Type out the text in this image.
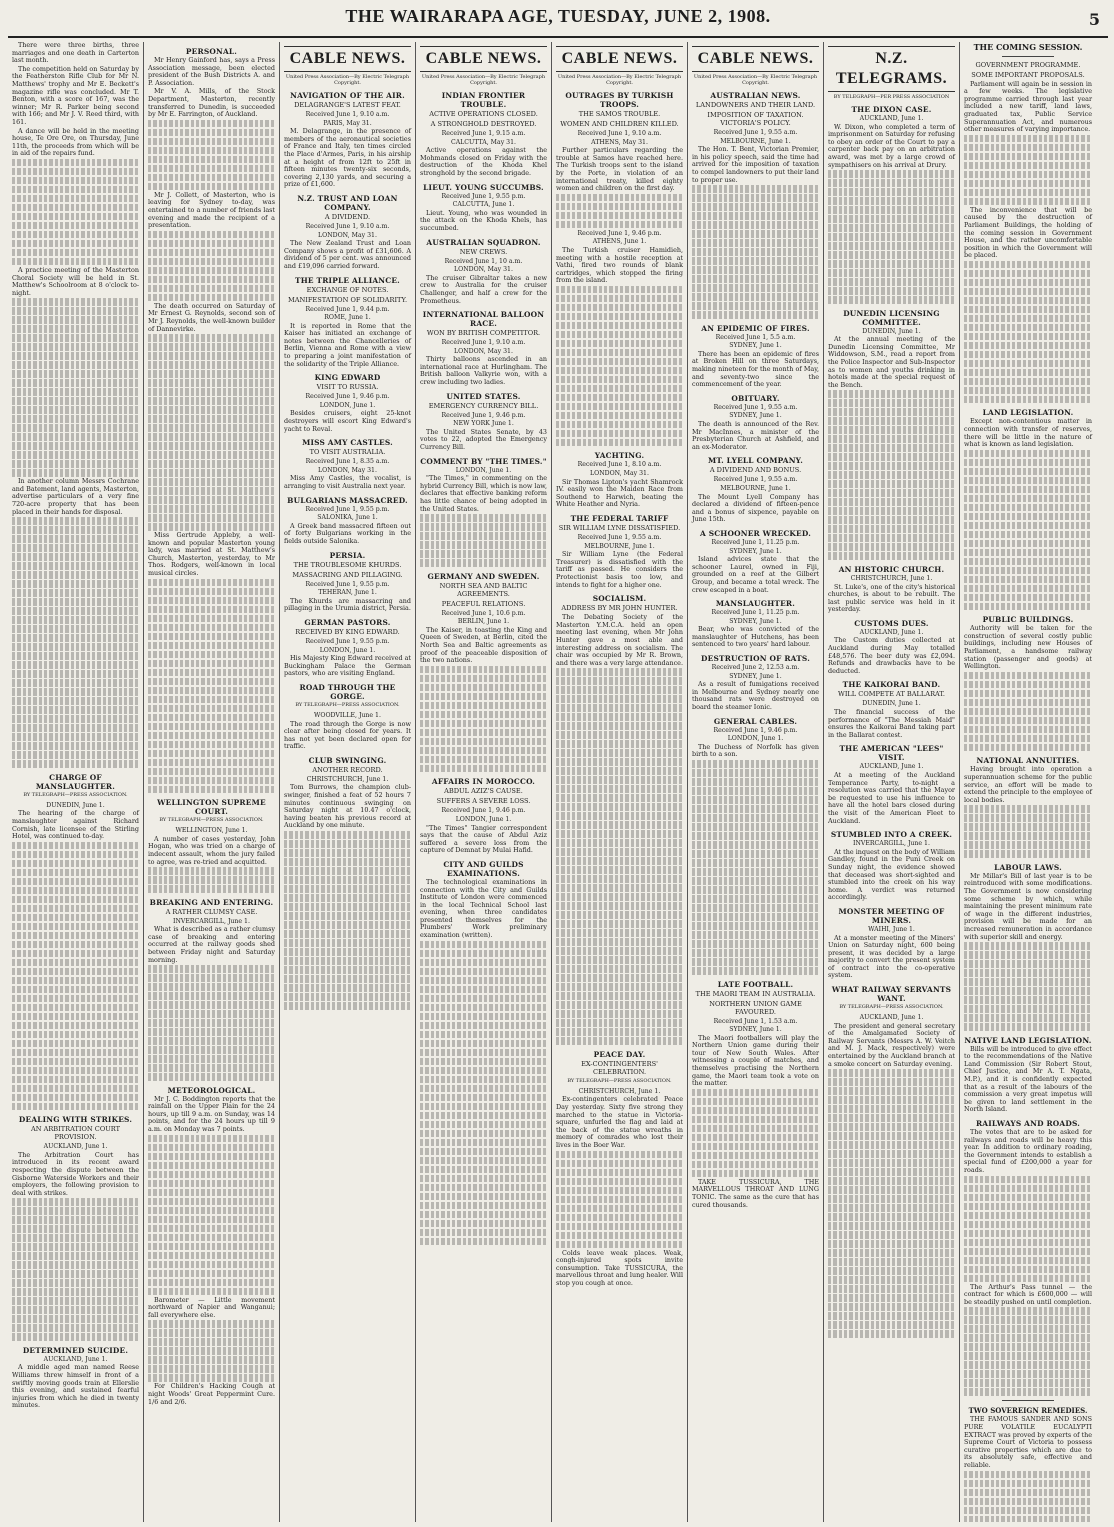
THE WAIRARAPA AGE, TUESDAY, JUNE 2, 1908.	5

There were three births, three marriages and one death in Carterton last month.

The competition held on Saturday by the Featherston Rifle Club for Mr N. Matthews' trophy and Mr E. Beckett's magazine rifle was concluded. Mr T. Benton, with a score of 167, was the winner; Mr R. Parker being second with 166; and Mr J. V. Reed third, with 161.

A dance will be held in the meeting house, Te Ore Ore, on Thursday, June 11th, the proceeds from which will be in aid of the repairs fund.

A practice meeting of the Masterton Choral Society will be held in St. Matthew's Schoolroom at 8 o'clock to-night.

In another column Messrs Cochrane and Batement, land agents, Masterton, advertise particulars of a very fine 720-acre property that has been placed in their hands for disposal.

CHARGE OF MANSLAUGHTER.
BY TELEGRAPH—PRESS ASSOCIATION.
DUNEDIN, June 1.

The hearing of the charge of manslaughter against Richard Cornish, late licensee of the Stirling Hotel, was continued to-day.

DEALING WITH STRIKES.
AN ARBITRATION COURT PROVISION.
AUCKLAND, June 1.

The Arbitration Court has introduced in its recent award respecting the dispute between the Gisborne Waterside Workers and their employers, the following provision to deal with strikes.

DETERMINED SUICIDE.
AUCKLAND, June 1.

A middle aged man named Reese Williams threw himself in front of a swiftly moving goods train at Ellerslie this evening, and sustained fearful injuries from which he died in twenty minutes.

PERSONAL.

Mr Henry Gainford has, says a Press Association message, been elected president of the Bush Districts A. and P. Association.

Mr V. A. Mills, of the Stock Department, Masterton, recently transferred to Dunedin, is succeeded by Mr E. Farrington, of Auckland.

Mr J. Collett, of Masterton, who is leaving for Sydney to-day, was entertained to a number of friends last evening and made the recipient of a presentation.

The death occurred on Saturday of Mr Ernest G. Reynolds, second son of Mr J. Reynolds, the well-known builder of Dannevirke.

Miss Gertrude Appleby, a well-known and popular Masterton young lady, was married at St. Matthew's Church, Masterton, yesterday, to Mr Thos. Rodgers, well-known in local musical circles.

WELLINGTON SUPREME COURT.
BY TELEGRAPH—PRESS ASSOCIATION.
WELLINGTON, June 1.

A number of cases yesterday, John Hogan, who was tried on a charge of indecent assault, whom the jury failed to agree, was re-tried and acquitted.

BREAKING AND ENTERING.
A RATHER CLUMSY CASE.
INVERCARGILL, June 1.

What is described as a rather clumsy case of breaking and entering occurred at the railway goods shed between Friday night and Saturday morning.

METEOROLOGICAL.

Mr J. C. Boddington reports that the rainfall on the Upper Plain for the 24 hours, up till 9 a.m. on Sunday, was 14 points, and for the 24 hours up till 9 a.m. on Monday was 7 points.

Barometer — Little movement northward of Napier and Wanganui; fall everywhere else.

For Children's Hacking Cough at night Woods' Great Peppermint Cure. 1/6 and 2/6.

CABLE NEWS.
United Press Association—By Electric Telegraph Copyright.
NAVIGATION OF THE AIR.
DELAGRANGE'S LATEST FEAT.
Received June 1, 9.10 a.m.
PARIS, May 31.

M. Delagrange, in the presence of members of the aeronautical societies of France and Italy, ten times circled the Place d'Armes, Paris, in his airship at a height of from 12ft to 25ft in fifteen minutes twenty-six seconds, covering 2,130 yards, and securing a prize of £1,600.

N.Z. TRUST AND LOAN COMPANY.
A DIVIDEND.
Received June 1, 9.10 a.m.
LONDON, May 31.

The New Zealand Trust and Loan Company shows a profit of £31,606. A dividend of 5 per cent. was announced and £19,096 carried forward.

THE TRIPLE ALLIANCE.
EXCHANGE OF NOTES.
MANIFESTATION OF SOLIDARITY.
Received June 1, 9.44 p.m.
ROME, June 1.

It is reported in Rome that the Kaiser has initiated an exchange of notes between the Chancelleries of Berlin, Vienna and Rome with a view to preparing a joint manifestation of the solidarity of the Triple Alliance.

KING EDWARD
VISIT TO RUSSIA.
Received June 1, 9.46 p.m.
LONDON, June 1.

Besides cruisers, eight 25-knot destroyers will escort King Edward's yacht to Reval.

MISS AMY CASTLES.
TO VISIT AUSTRALIA.
Received June 1, 8.35 a.m.
LONDON, May 31.

Miss Amy Castles, the vocalist, is arranging to visit Australia next year.

BULGARIANS MASSACRED.
Received June 1, 9.55 p.m.
SALONIKA, June 1.

A Greek band massacred fifteen out of forty Bulgarians working in the fields outside Salonika.

PERSIA.
THE TROUBLESOME KHURDS.
MASSACRING AND PILLAGING.
Received June 1, 9.55 p.m.
TEHERAN, June 1.

The Khurds are massacring and pillaging in the Urumia district, Persia.

GERMAN PASTORS.
RECEIVED BY KING EDWARD.
Received June 1, 9.55 p.m.
LONDON, June 1.

His Majesty King Edward received at Buckingham Palace the German pastors, who are visiting England.

ROAD THROUGH THE GORGE.
BY TELEGRAPH—PRESS ASSOCIATION.
WOODVILLE, June 1.

The road through the Gorge is now clear after being closed for years. It has not yet been declared open for traffic.

CLUB SWINGING.
ANOTHER RECORD.
CHRISTCHURCH, June 1.

Tom Burrows, the champion club-swinger, finished a feat of 52 hours 7 minutes continuous swinging on Saturday night at 10.47 o'clock, having beaten his previous record at Auckland by one minute.

CABLE NEWS.
United Press Association—By Electric Telegraph Copyright.
INDIAN FRONTIER TROUBLE.
ACTIVE OPERATIONS CLOSED.
A STRONGHOLD DESTROYED.
Received June 1, 9.15 a.m.
CALCUTTA, May 31.

Active operations against the Mohmands closed on Friday with the destruction of the Khoda Khel stronghold by the second brigade.

LIEUT. YOUNG SUCCUMBS.
Received June 1, 9.55 p.m.
CALCUTTA, June 1.

Lieut. Young, who was wounded in the attack on the Khoda Khels, has succumbed.

AUSTRALIAN SQUADRON.
NEW CREWS.
Received June 1, 10 a.m.
LONDON, May 31.

The cruiser Gibraltar takes a new crew to Australia for the cruiser Challenger, and half a crew for the Prometheus.

INTERNATIONAL BALLOON RACE.
WON BY BRITISH COMPETITOR.
Received June 1, 9.10 a.m.
LONDON, May 31.

Thirty balloons ascended in an international race at Hurlingham. The British balloon Valkyrie won, with a crew including two ladies.

UNITED STATES.
EMERGENCY CURRENCY BILL.
Received June 1, 9.46 p.m.
NEW YORK June 1.

The United States Senate, by 43 votes to 22, adopted the Emergency Currency Bill.

COMMENT BY "THE TIMES."
LONDON, June 1.

"The Times," in commenting on the hybrid Currency Bill, which is now law, declares that effective banking reform has little chance of being adopted in the United States.

GERMANY AND SWEDEN.
NORTH SEA AND BALTIC AGREEMENTS.
PEACEFUL RELATIONS.
Received June 1, 10.6 p.m.
BERLIN, June 1.

The Kaiser, in toasting the King and Queen of Sweden, at Berlin, cited the North Sea and Baltic agreements as proof of the peaceable disposition of the two nations.

AFFAIRS IN MOROCCO.
ABDUL AZIZ'S CAUSE.
SUFFERS A SEVERE LOSS.
Received June 1, 9.46 p.m.
LONDON, June 1.

"The Times" Tangier correspondent says that the cause of Abdul Aziz suffered a severe loss from the capture of Demnat by Mulai Hafid.

CITY AND GUILDS EXAMINATIONS.

The technological examinations in connection with the City and Guilds Institute of London were commenced in the local Technical School last evening, when three candidates presented themselves for the Plumbers' Work preliminary examination (written).

CABLE NEWS.
United Press Association—By Electric Telegraph Copyright.
OUTRAGES BY TURKISH TROOPS.
THE SAMOS TROUBLE.
WOMEN AND CHILDREN KILLED.
Received June 1, 9.10 a.m.
ATHENS, May 31.

Further particulars regarding the trouble at Samos have reached here. The Turkish troops sent to the island by the Porte, in violation of an international treaty, killed eighty women and children on the first day.

Received June 1, 9.46 p.m.
ATHENS, June 1.

The Turkish cruiser Hamidieh, meeting with a hostile reception at Vathi, fired two rounds of blank cartridges, which stopped the firing from the island.

YACHTING.
Received June 1, 8.10 a.m.
LONDON, May 31.

Sir Thomas Lipton's yacht Shamrock IV. easily won the Maiden Race from Southend to Harwich, beating the White Heather and Nyria.

THE FEDERAL TARIFF
SIR WILLIAM LYNE DISSATISFIED.
Received June 1, 9.55 a.m.
MELBOURNE, June 1.

Sir William Lyne (the Federal Treasurer) is dissatisfied with the tariff as passed. He considers the Protectionist basis too low, and intends to fight for a higher one.

SOCIALISM.
ADDRESS BY MR JOHN HUNTER.

The Debating Society of the Masterton Y.M.C.A. held an open meeting last evening, when Mr John Hunter gave a most able and interesting address on socialism. The chair was occupied by Mr R. Brown, and there was a very large attendance.

PEACE DAY.
EX-CONTINGENTERS' CELEBRATION.
BY TELEGRAPH—PRESS ASSOCIATION.
CHRISTCHURCH, June 1.

Ex-contingenters celebrated Peace Day yesterday. Sixty five strong they marched to the statue in Victoria-square, unfurled the flag and laid at the back of the statue wreaths in memory of comrades who lost their lives in the Boer War.

Colds leave weak places. Weak, congh-injured spots invite consumption. Take TUSSICURA, the marvellous throat and lung healer. Will stop you cough at once.

CABLE NEWS.
United Press Association—By Electric Telegraph Copyright.
AUSTRALIAN NEWS.
LANDOWNERS AND THEIR LAND.
IMPOSITION OF TAXATION. VICTORIA'S POLICY.
Received June 1, 9.55 a.m.
MELBOURNE, June 1.

The Hon. T. Bent, Victorian Premier, in his policy speech, said the time had arrived for the imposition of taxation to compel landowners to put their land to proper use.

AN EPIDEMIC OF FIRES.
Received June 1, 5.5 a.m.
SYDNEY, June 1.

There has been an epidemic of fires at Broken Hill on three Saturdays, making nineteen for the month of May, and seventy-two since the commencement of the year.

OBITUARY.
Received June 1, 9.55 a.m.
SYDNEY, June 1.

The death is announced of the Rev. Mr MacInnes, a minister of the Presbyterian Church at Ashfield, and an ex-Moderator.

MT. LYELL COMPANY.
A DIVIDEND AND BONUS.
Received June 1, 9.55 a.m.
MELBOURNE, June 1.

The Mount Lyell Company has declared a dividend of fifteen-pence and a bonus of sixpence, payable on June 15th.

A SCHOONER WRECKED.
Received June 1, 11.25 p.m.
SYDNEY, June 1.

Island advices state that the schooner Laurel, owned in Fiji, grounded on a reef at the Gilbert Group, and became a total wreck. The crew escaped in a boat.

MANSLAUGHTER.
Received June 1, 11.25 p.m.
SYDNEY, June 1.

Bear, who was convicted of the manslaughter of Hutchens, has been sentenced to two years' hard labour.

DESTRUCTION OF RATS.
Received June 2, 12.53 a.m.
SYDNEY, June 1.

As a result of fumigations received in Melbourne and Sydney nearly one thousand rats were destroyed on board the steamer Ionic.

GENERAL CABLES.
Received June 1, 9.46 p.m.
LONDON, June 1.

The Duchess of Norfolk has given birth to a son.

LATE FOOTBALL.
THE MAORI TEAM IN AUSTRALIA.
NORTHERN UNION GAME FAVOURED.
Received June 1, 1.53 a.m.
SYDNEY, June 1.

The Maori footballers will play the Northern Union game during their tour of New South Wales. After witnessing a couple of matches, and themselves practising the Northern game, the Maori team took a vote on the matter.

TAKE TUSSICURA, THE MARVELLOUS THROAT AND LUNG TONIC. The same as the cure that has cured thousands.

N.Z. TELEGRAMS.
BY TELEGRAPH—PER PRESS ASSOCIATION
THE DIXON CASE.
AUCKLAND, June 1.

W. Dixon, who completed a term of imprisonment on Saturday for refusing to obey an order of the Court to pay a carpenter back pay on an arbitration award, was met by a large crowd of sympathisers on his arrival at Drury.

DUNEDIN LICENSING COMMITTEE.
DUNEDIN, June 1.

At the annual meeting of the Dunedin Licensing Committee, Mr Widdowson, S.M., read a report from the Police Inspector and Sub-Inspector as to women and youths drinking in hotels made at the special request of the Bench.

AN HISTORIC CHURCH.
CHRISTCHURCH, June 1.

St. Luke's, one of the city's historical churches, is about to be rebuilt. The last public service was held in it yesterday.

CUSTOMS DUES.
AUCKLAND, June 1.

The Custom duties collected at Auckland during May totalled £48,576. The beer duty was £2,094. Refunds and drawbacks have to be deducted.

THE KAIKORAI BAND.
WILL COMPETE AT BALLARAT.
DUNEDIN, June 1.

The financial success of the performance of "The Messiah Maid" ensures the Kaikorai Band taking part in the Ballarat contest.

THE AMERICAN "LEES" VISIT.
AUCKLAND, June 1.

At a meeting of the Auckland Temperance Party, to-night a resolution was carried that the Mayor be requested to use his influence to have all the hotel bars closed during the visit of the American Fleet to Auckland.

STUMBLED INTO A CREEK.
INVERCARGILL, June 1.

At the inquest on the body of William Gandley, found in the Puni Creek on Sunday night, the evidence showed that deceased was short-sighted and stumbled into the creek on his way home. A verdict was returned accordingly.

MONSTER MEETING OF MINERS.
WAIHI, June 1.

At a monster meeting of the Miners' Union on Saturday night, 600 being present, it was decided by a large majority to convert the present system of contract into the co-operative system.

WHAT RAILWAY SERVANTS WANT.
BY TELEGRAPH—PRESS ASSOCIATION.
AUCKLAND, June 1.

The president and general secretary of the Amalgamated Society of Railway Servants (Messrs A. W. Veitch and M. J. Mack, respectively) were entertained by the Auckland branch at a smoke concert on Saturday evening.

THE COMING SESSION.
GOVERNMENT PROGRAMME.
SOME IMPORTANT PROPOSALS.

Parliament will again be in session in a few weeks. The legislative programme carried through last year included a new tariff, land laws, graduated tax, Public Service Superannuation Act, and numerous other measures of varying importance.

The inconvenience that will be caused by the destruction of Parliament Buildings, the holding of the coming session in Government House, and the rather uncomfortable position in which the Government will be placed.

LAND LEGISLATION.

Except non-contentious matter in connection with transfer of reserves, there will be little in the nature of what is known as land legislation.

PUBLIC BUILDINGS.

Authority will be taken for the construction of several costly public buildings, including new Houses of Parliament, a handsome railway station (passenger and goods) at Wellington.

NATIONAL ANNUITIES.

Having brought into operation a superannuation scheme for the public service, an effort will be made to extend the principle to the employee of local bodies.

LABOUR LAWS.

Mr Millar's Bill of last year is to be reintroduced with some modifications. The Government is now considering some scheme by which, while maintaining the present minimum rate of wage in the different industries, provision will be made for an increased remuneration in accordance with superior skill and energy.

NATIVE LAND LEGISLATION.

Bills will be introduced to give effect to the recommendations of the Native Land Commission (Sir Robert Stout, Chief Justice, and Mr A. T. Ngata, M.P.), and it is confidently expected that as a result of the labours of the commission a very great impetus will be given to land settlement in the North Island.

RAILWAYS AND ROADS.

The votes that are to be asked for railways and roads will be heavy this year. In addition to ordinary roading, the Government intends to establish a special fund of £200,000 a year for roads.

The Arthur's Pass tunnel — the contract for which is £600,000 — will be steadily pushed on until completion.

TWO SOVEREIGN REMEDIES.

THE FAMOUS SANDER AND SONS PURE VOLATILE EUCALYPTI EXTRACT was proved by experts of the Supreme Court of Victoria to possess curative properties which are due to its absolutely safe, effective and reliable.
